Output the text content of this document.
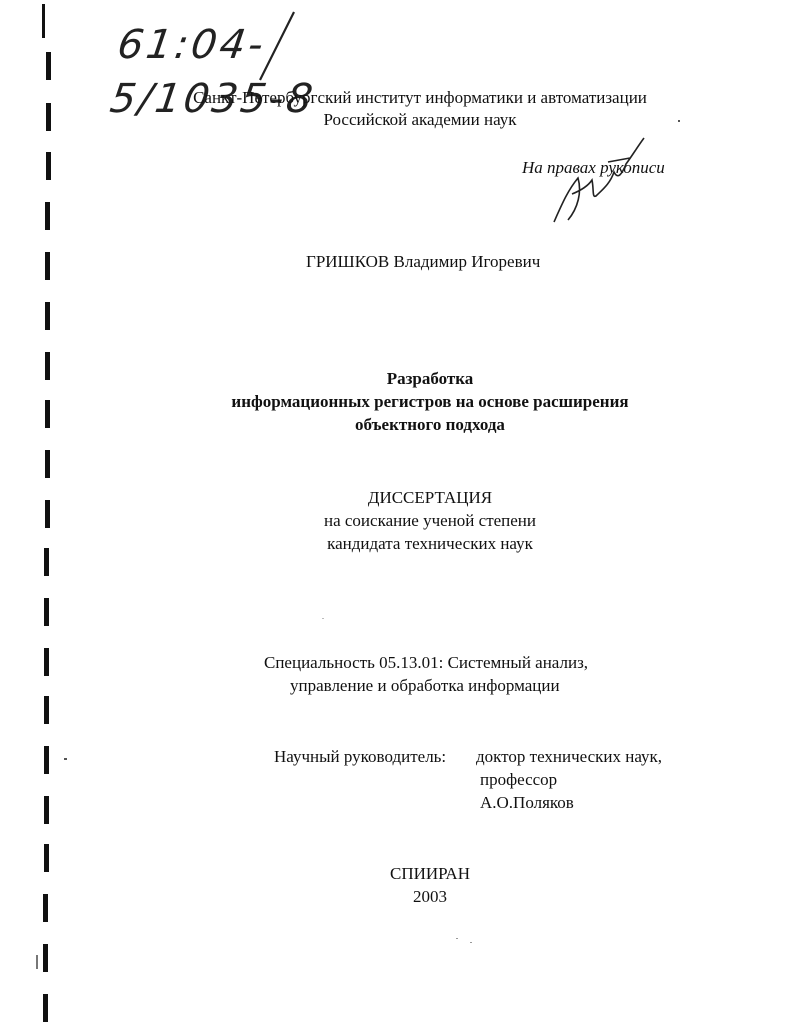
61:04-5/1035-8
Санкт-Петербургский институт информатики и автоматизации
Российской академии наук
На правах рукописи
ГРИШКОВ Владимир Игоревич
Разработка
информационных регистров на основе расширения
объектного подхода
ДИССЕРТАЦИЯ
на соискание ученой степени
кандидата технических наук
Специальность 05.13.01: Системный анализ,
управление и обработка информации
Научный руководитель: доктор технических наук,
профессор
А.О.Поляков
СПИИРАН
2003
